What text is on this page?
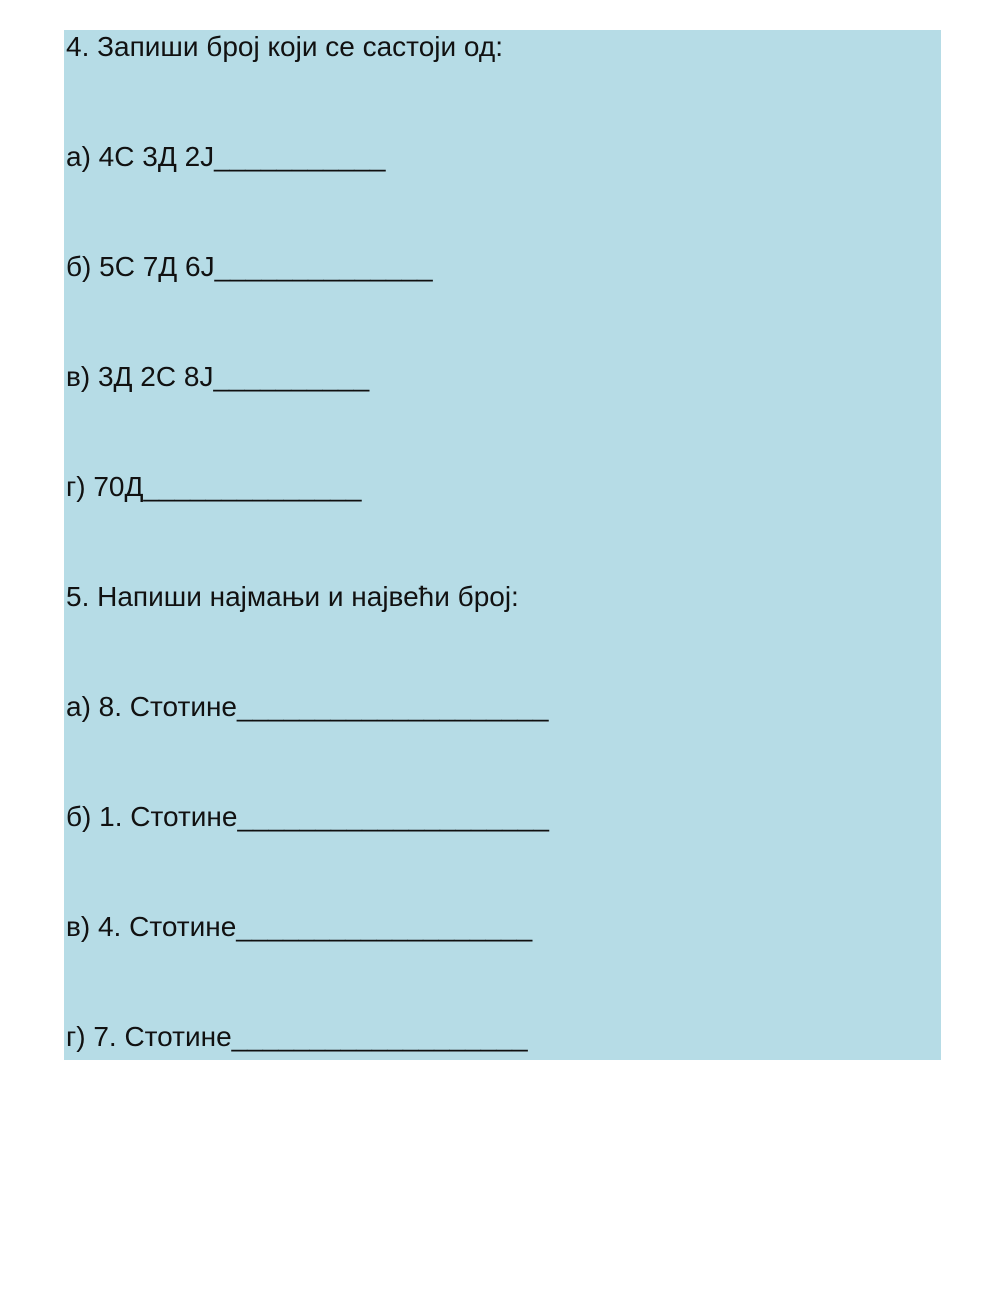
4. Запиши број који се састоји од:

а) 4С 3Д 2Ј___________

б) 5С 7Д 6Ј______________

в) 3Д 2С 8Ј__________

г) 70Д______________

5. Напиши најмањи и највећи број:

а) 8. Стотине____________________

б) 1. Стотине____________________

в) 4. Стотине___________________

г) 7. Стотине___________________
